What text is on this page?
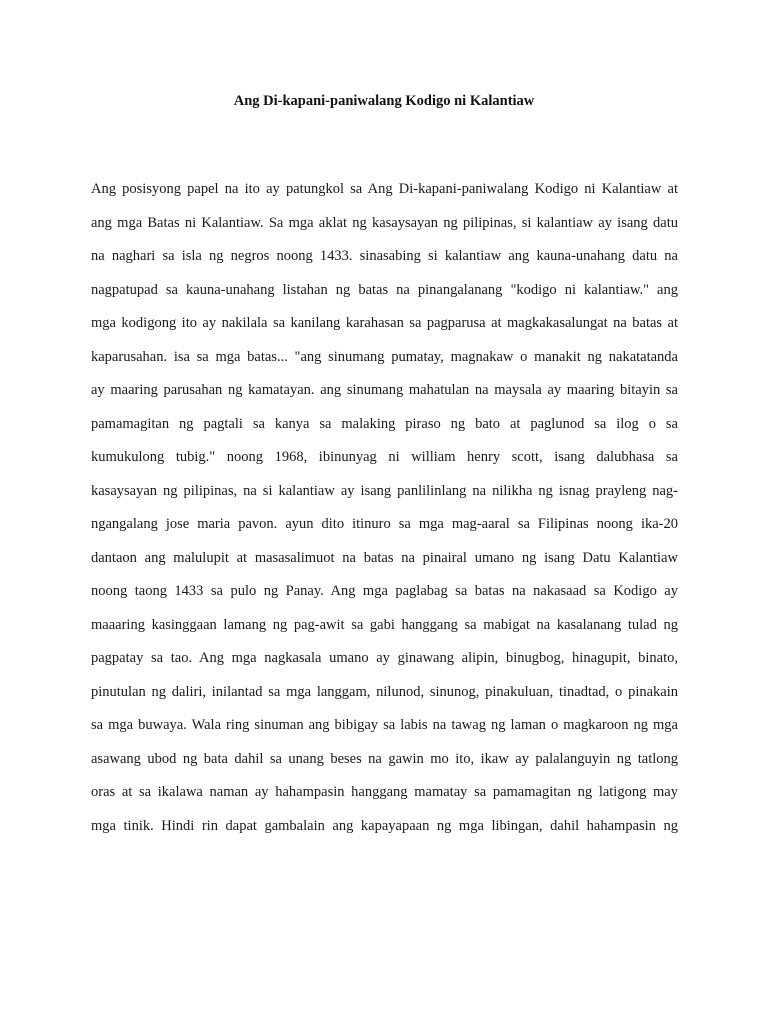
Ang Di-kapani-paniwalang Kodigo ni Kalantiaw
Ang posisyong papel na ito ay patungkol sa Ang Di-kapani-paniwalang Kodigo ni Kalantiaw at
ang mga Batas ni Kalantiaw. Sa mga aklat ng kasaysayan ng pilipinas, si kalantiaw ay isang datu
na naghari sa isla ng negros noong 1433. sinasabing si kalantiaw ang kauna-unahang datu na
nagpatupad sa kauna-unahang listahan ng batas na pinangalanang "kodigo ni kalantiaw." ang
mga kodigong ito ay nakilala sa kanilang karahasan sa pagparusa at magkakasalungat na batas at
kaparusahan. isa sa mga batas... "ang sinumang pumatay, magnakaw o manakit ng nakatatanda
ay maaring parusahan ng kamatayan. ang sinumang mahatulan na maysala ay maaring bitayin sa
pamamagitan ng pagtali sa kanya sa malaking piraso ng bato at paglunod sa ilog o sa
kumukulong tubig." noong 1968, ibinunyag ni william henry scott, isang dalubhasa sa
kasaysayan ng pilipinas, na si kalantiaw ay isang panlilinlang na nilikha ng isnag prayleng nag-
ngangalang jose maria pavon. ayun dito itinuro sa mga mag-aaral sa Filipinas noong ika-20
dantaon ang malulupit at masasalimuot na batas na pinairal umano ng isang Datu Kalantiaw
noong taong 1433 sa pulo ng Panay. Ang mga paglabag sa batas na nakasaad sa Kodigo ay
maaaring kasinggaan lamang ng pag-awit sa gabi hanggang sa mabigat na kasalanang tulad ng
pagpatay sa tao. Ang mga nagkasala umano ay ginawang alipin, binugbog, hinagupit, binato,
pinutulan ng daliri, inilantad sa mga langgam, nilunod, sinunog, pinakuluan, tinadtad, o pinakain
sa mga buwaya. Wala ring sinuman ang bibigay sa labis na tawag ng laman o magkaroon ng mga
asawang ubod ng bata dahil sa unang beses na gawin mo ito, ikaw ay palalanguyin ng tatlong
oras at sa ikalawa naman ay hahampasin hanggang mamatay sa pamamagitan ng latigong may
mga tinik. Hindi rin dapat gambalain ang kapayapaan ng mga libingan, dahil hahampasin ng
